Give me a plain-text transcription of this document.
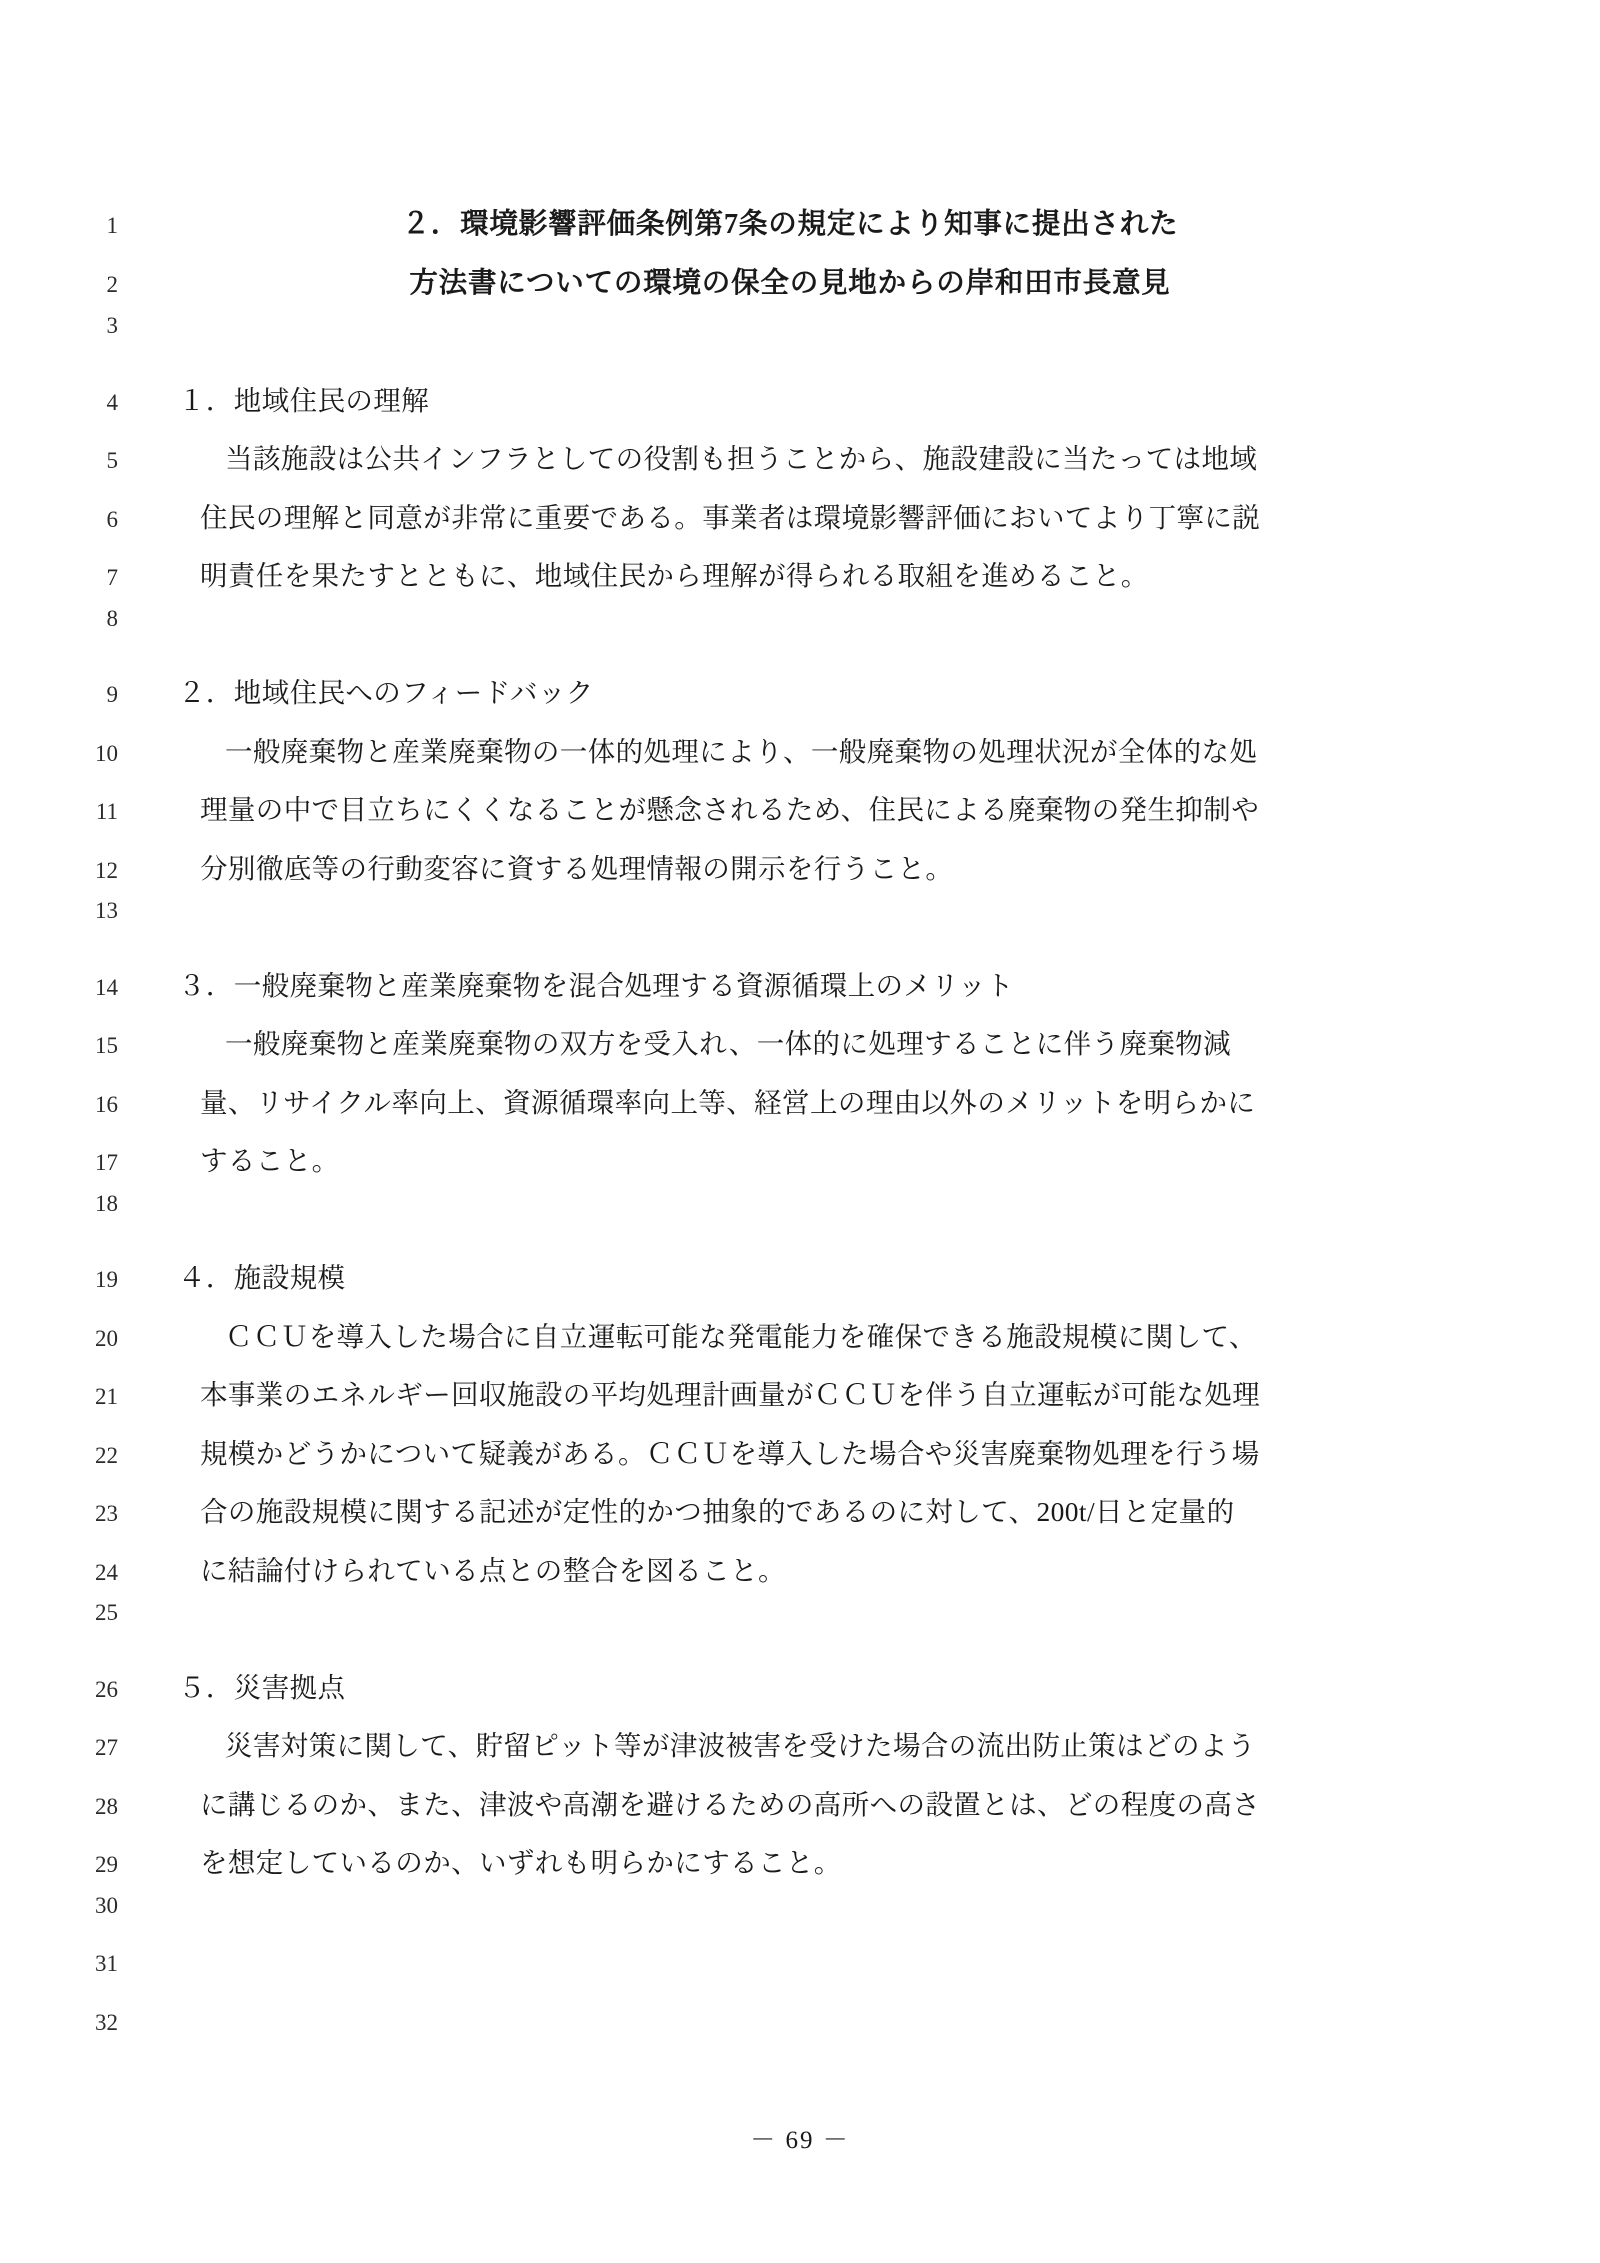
1	２．環境影響評価条例第7条の規定により知事に提出された
2	方法書についての環境の保全の見地からの岸和田市長意見
3
4	１．地域住民の理解
5	当該施設は公共インフラとしての役割も担うことから、施設建設に当たっては地域
6	住民の理解と同意が非常に重要である。事業者は環境影響評価においてより丁寧に説
7	明責任を果たすとともに、地域住民から理解が得られる取組を進めること。
8
9	２．地域住民へのフィードバック
10	一般廃棄物と産業廃棄物の一体的処理により、一般廃棄物の処理状況が全体的な処
11	理量の中で目立ちにくくなることが懸念されるため、住民による廃棄物の発生抑制や
12	分別徹底等の行動変容に資する処理情報の開示を行うこと。
13
14	３．一般廃棄物と産業廃棄物を混合処理する資源循環上のメリット
15	一般廃棄物と産業廃棄物の双方を受入れ、一体的に処理することに伴う廃棄物減
16	量、リサイクル率向上、資源循環率向上等、経営上の理由以外のメリットを明らかに
17	すること。
18
19	４．施設規模
20	ＣＣＵを導入した場合に自立運転可能な発電能力を確保できる施設規模に関して、
21	本事業のエネルギー回収施設の平均処理計画量がＣＣＵを伴う自立運転が可能な処理
22	規模かどうかについて疑義がある。ＣＣＵを導入した場合や災害廃棄物処理を行う場
23	合の施設規模に関する記述が定性的かつ抽象的であるのに対して、200t/日と定量的
24	に結論付けられている点との整合を図ること。
25
26	５．災害拠点
27	災害対策に関して、貯留ピット等が津波被害を受けた場合の流出防止策はどのよう
28	に講じるのか、また、津波や高潮を避けるための高所への設置とは、どの程度の高さ
29	を想定しているのか、いずれも明らかにすること。
30
31
32
－ 69 －
